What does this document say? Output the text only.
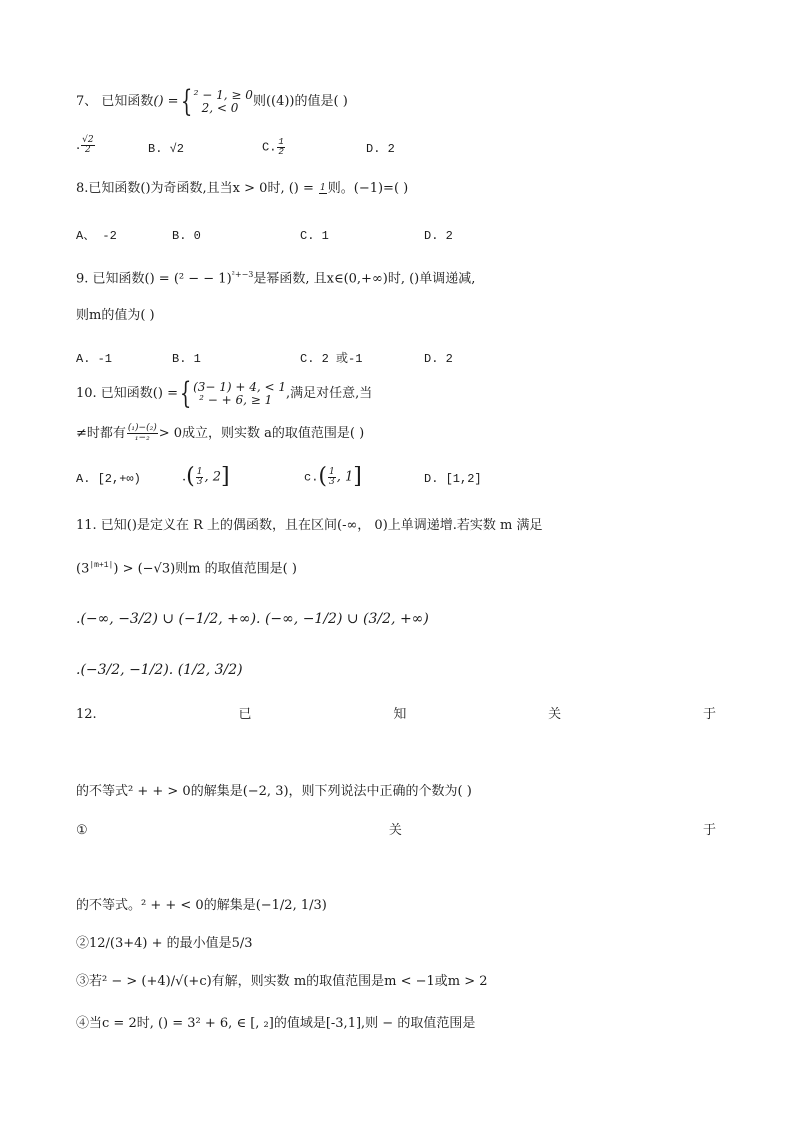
7、 已知函数 () = { ² − 1, ≥ 0
2, < 0	则((4))的值是( )
. $\frac{√2}{2}$	B. √2	C. $\frac{1}{2}$	D. 2
8.已知函数()为奇函数,且当x > 0时, () = 1 则。(−1)=( )
A、 -2	B. 0	C. 1	D. 2
9. 已知函数() = (² − − 1)$^{^2+-3}$是幂函数, 且x∈(0,+∞)时, ()单调递减,
则m的值为( )
A. -1	B. 1	C. 2 或-1	D. 2
10. 已知函数() = { (3− 1) + 4, < 1
² − + 6, ≥ 1	,满足对任意,当
≠时都有 $\frac{\text{(₁)−(₂)}}{\text{₁−₂}} > 0$成立，则实数 a的取值范围是( )
A. [2,+∞)	.( $\frac{1}{3}$ , 2]	$c.( \frac{1}{3}$ , 1]	D. [1,2]
11. 已知()是定义在 R 上的偶函数，且在区间(-∞， 0)上单调递增.若实数 m 满足
$(3^{|m+1|}) > (-√3)$则m 的取值范围是( )
.(−∞, −3/2) ∪ (−1/2, +∞). (−∞, −1/2) ∪ (3/2, +∞)
.(−3/2, −1/2). (1/2, 3/2)
12.	已	知	关	于
的不等式² + + > 0的解集是(−2, 3)，则下列说法中正确的个数为( )
①	关	于
的不等式。² + + < 0的解集是(−1/2, 1/3)
②12/(3+4) + 的最小值是5/3
③若² − > (+4)/√(+c)有解，则实数 m的取值范围是m < −1或m > 2
④当c = 2时, () = 3² + 6, ∈ [, ₂]的值域是[-3,1],则 − 的取值范围是
